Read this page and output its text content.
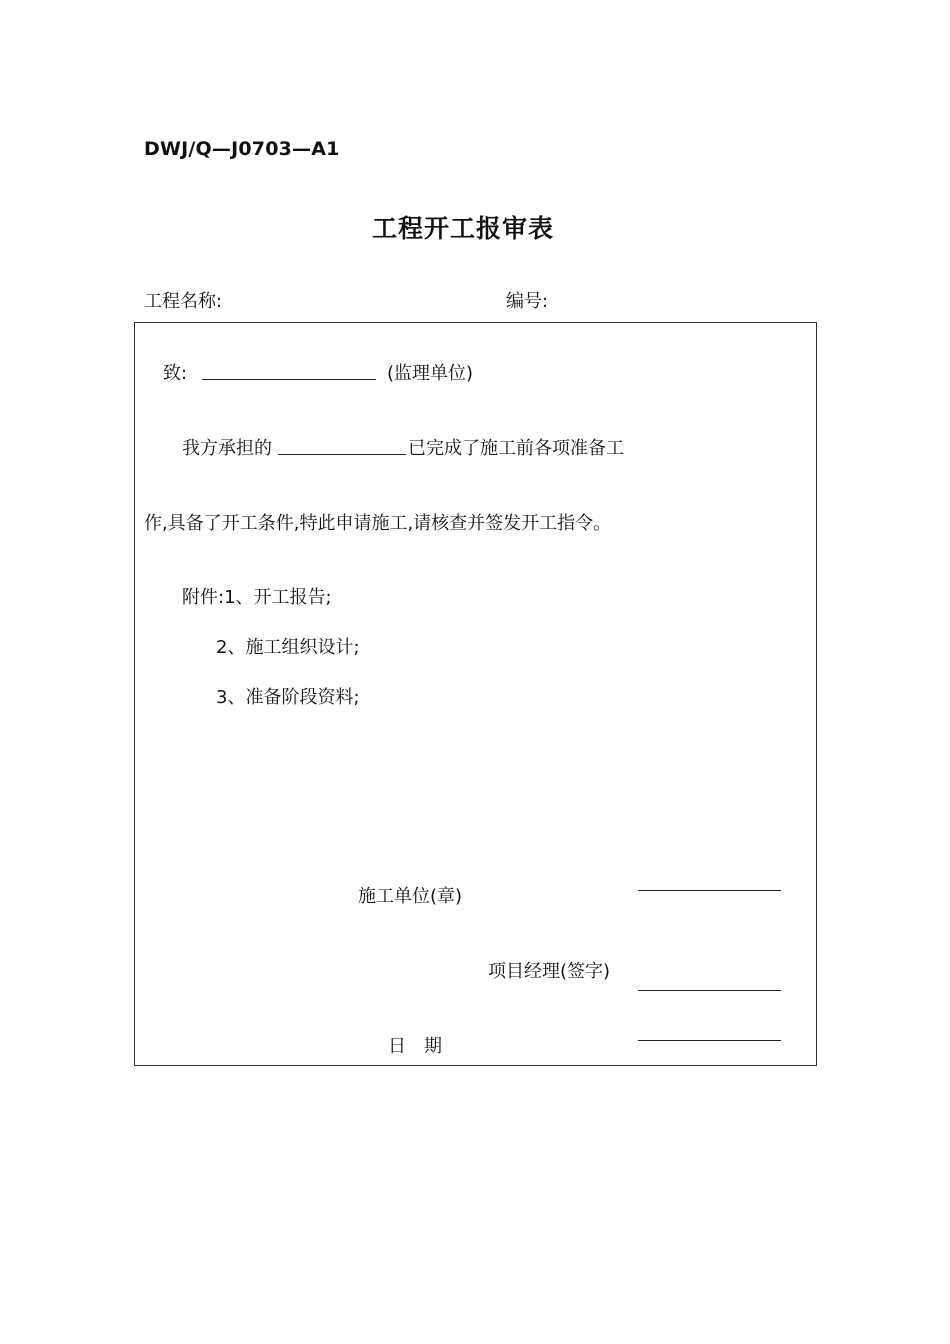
DWJ/Q—J0703—A1
工程开工报审表
工程名称:	编号:
致:	(监理单位)
我方承担的	已完成了施工前各项准备工
作,具备了开工条件,特此申请施工,请核查并签发开工指令。
附件:1、开工报告;
2、施工组织设计;
3、准备阶段资料;
施工单位(章)
项目经理(签字)
日　期
